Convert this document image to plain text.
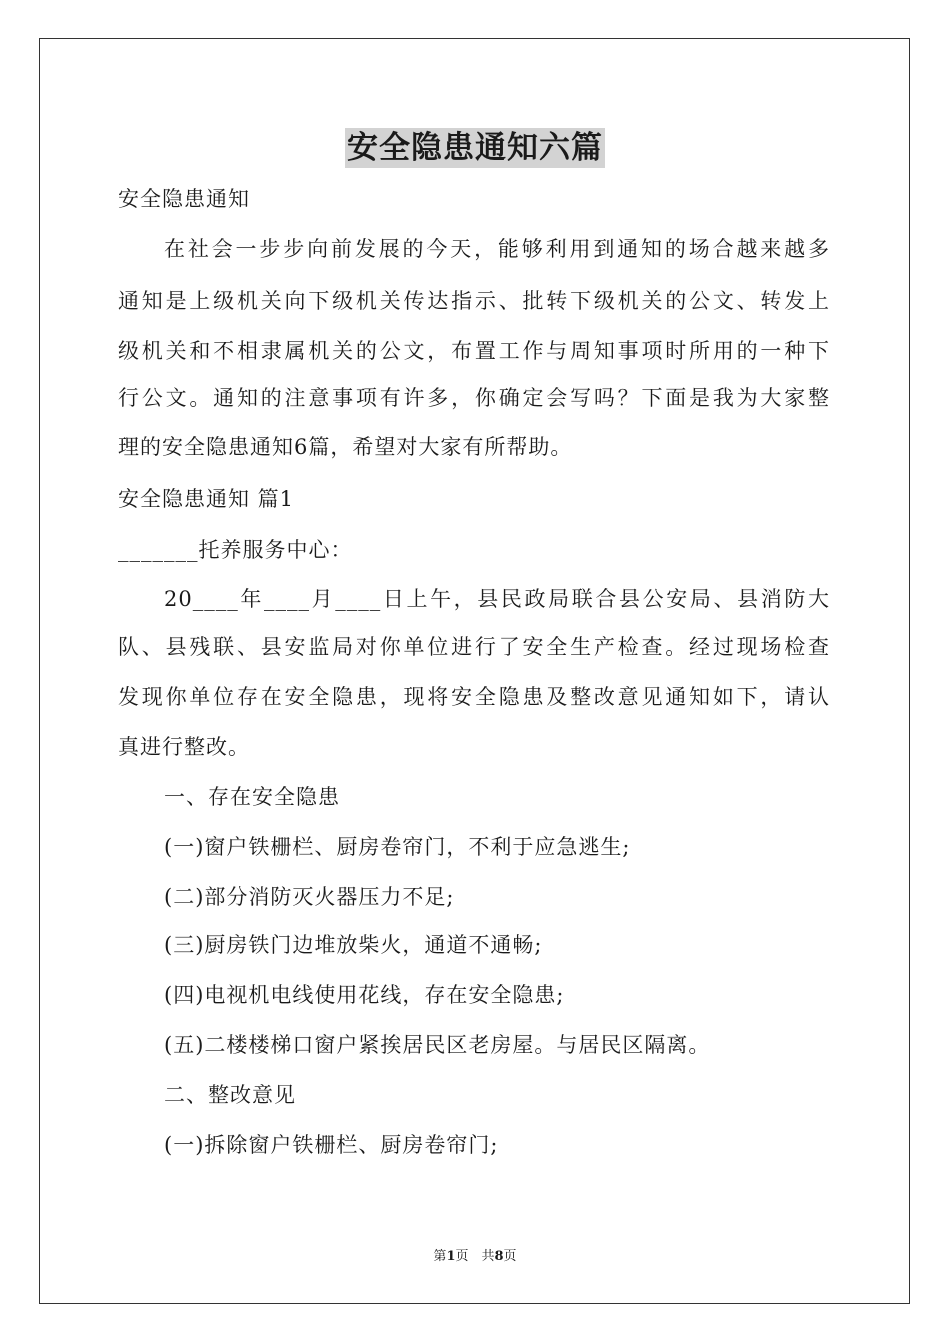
安全隐患通知六篇
安全隐患通知
在社会一步步向前发展的今天，能够利用到通知的场合越来越多
通知是上级机关向下级机关传达指示、批转下级机关的公文、转发上
级机关和不相隶属机关的公文，布置工作与周知事项时所用的一种下
行公文。通知的注意事项有许多，你确定会写吗？下面是我为大家整
理的安全隐患通知6篇，希望对大家有所帮助。
安全隐患通知 篇1
_______托养服务中心：
20____年____月____日上午，县民政局联合县公安局、县消防大
队、县残联、县安监局对你单位进行了安全生产检查。经过现场检查
发现你单位存在安全隐患，现将安全隐患及整改意见通知如下，请认
真进行整改。
一、存在安全隐患
(一)窗户铁栅栏、厨房卷帘门，不利于应急逃生;
(二)部分消防灭火器压力不足;
(三)厨房铁门边堆放柴火，通道不通畅;
(四)电视机电线使用花线，存在安全隐患;
(五)二楼楼梯口窗户紧挨居民区老房屋。与居民区隔离。
二、整改意见
(一)拆除窗户铁栅栏、厨房卷帘门;
第1页　共8页
